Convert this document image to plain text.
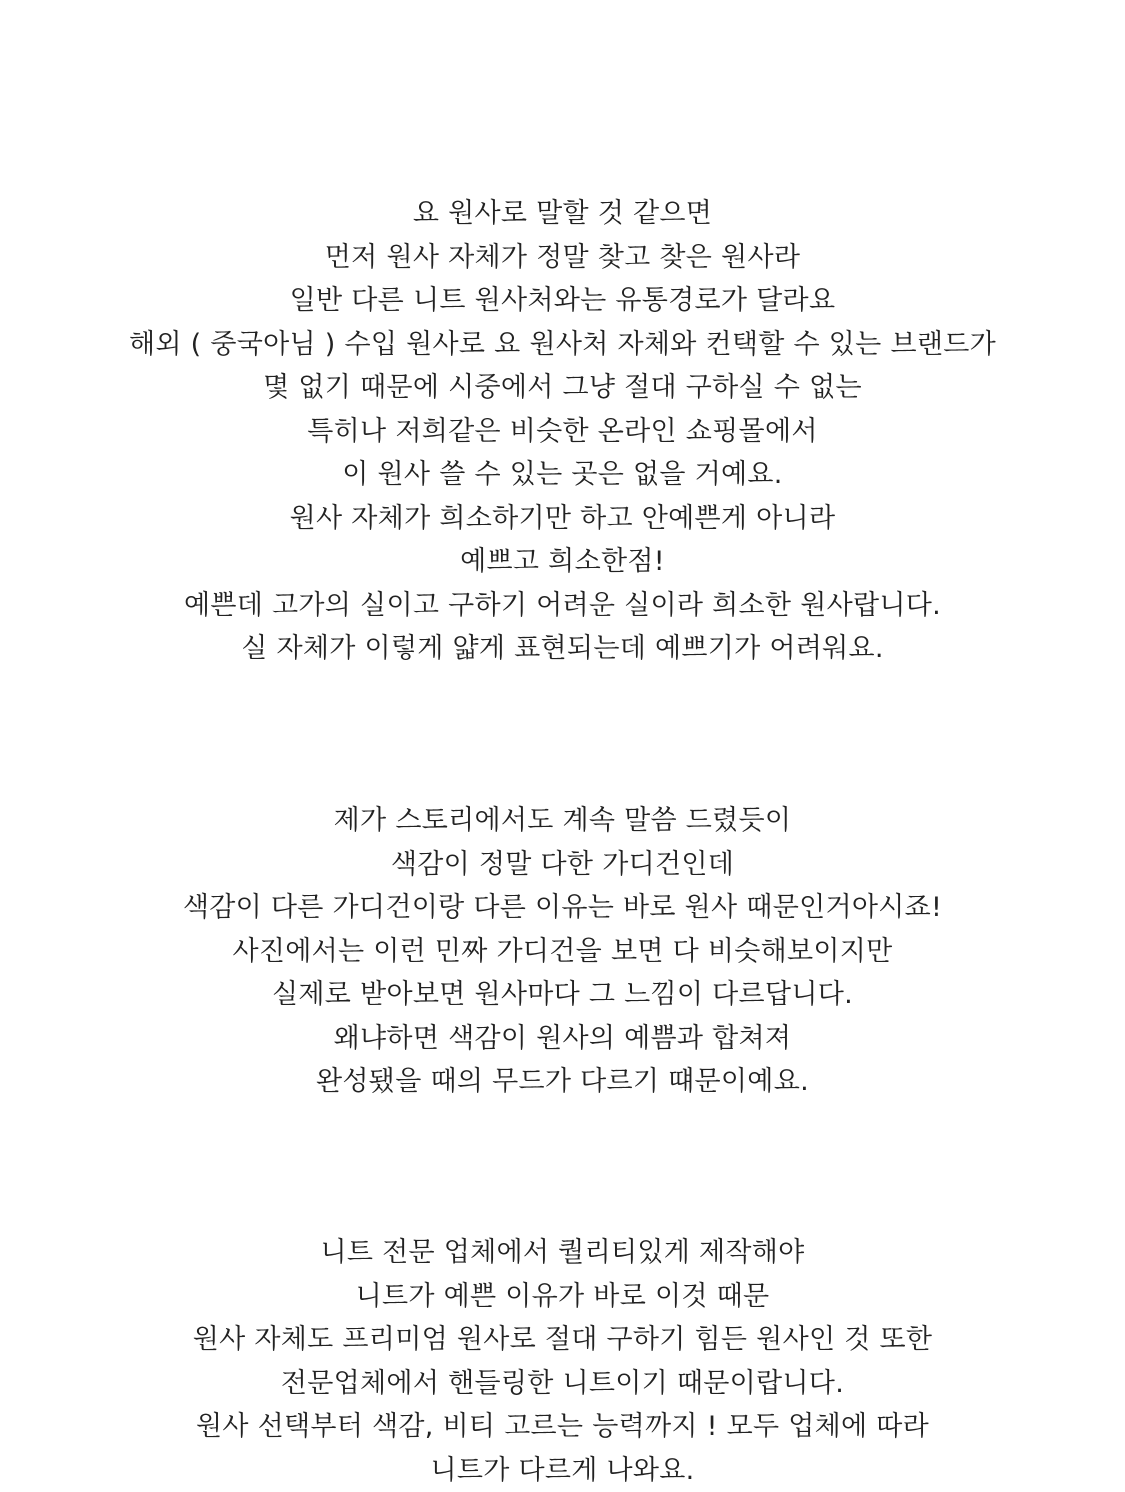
요 원사로 말할 것 같으면
먼저 원사 자체가 정말 찾고 찾은 원사라
일반 다른 니트 원사처와는 유통경로가 달라요
해외 ( 중국아님 ) 수입 원사로 요 원사처 자체와 컨택할 수 있는 브랜드가
몇 없기 때문에 시중에서 그냥 절대 구하실 수 없는
특히나 저희같은 비슷한 온라인 쇼핑몰에서
이 원사 쓸 수 있는 곳은 없을 거예요.
원사 자체가 희소하기만 하고 안예쁜게 아니라
예쁘고 희소한점!
예쁜데 고가의 실이고 구하기 어려운 실이라 희소한 원사랍니다.
실 자체가 이렇게 얇게 표현되는데 예쁘기가 어려워요.
제가 스토리에서도 계속 말씀 드렸듯이
색감이 정말 다한 가디건인데
색감이 다른 가디건이랑 다른 이유는 바로 원사 때문인거아시죠!
사진에서는 이런 민짜 가디건을 보면 다 비슷해보이지만
실제로 받아보면 원사마다 그 느낌이 다르답니다.
왜냐하면 색감이 원사의 예쁨과 합쳐져
완성됐을 때의 무드가 다르기 떄문이예요.
니트 전문 업체에서 퀄리티있게 제작해야
니트가 예쁜 이유가 바로 이것 때문
원사 자체도 프리미엄 원사로 절대 구하기 힘든 원사인 것 또한
전문업체에서 핸들링한 니트이기 때문이랍니다.
원사 선택부터 색감, 비티 고르는 능력까지 ! 모두 업체에 따라
니트가 다르게 나와요.
